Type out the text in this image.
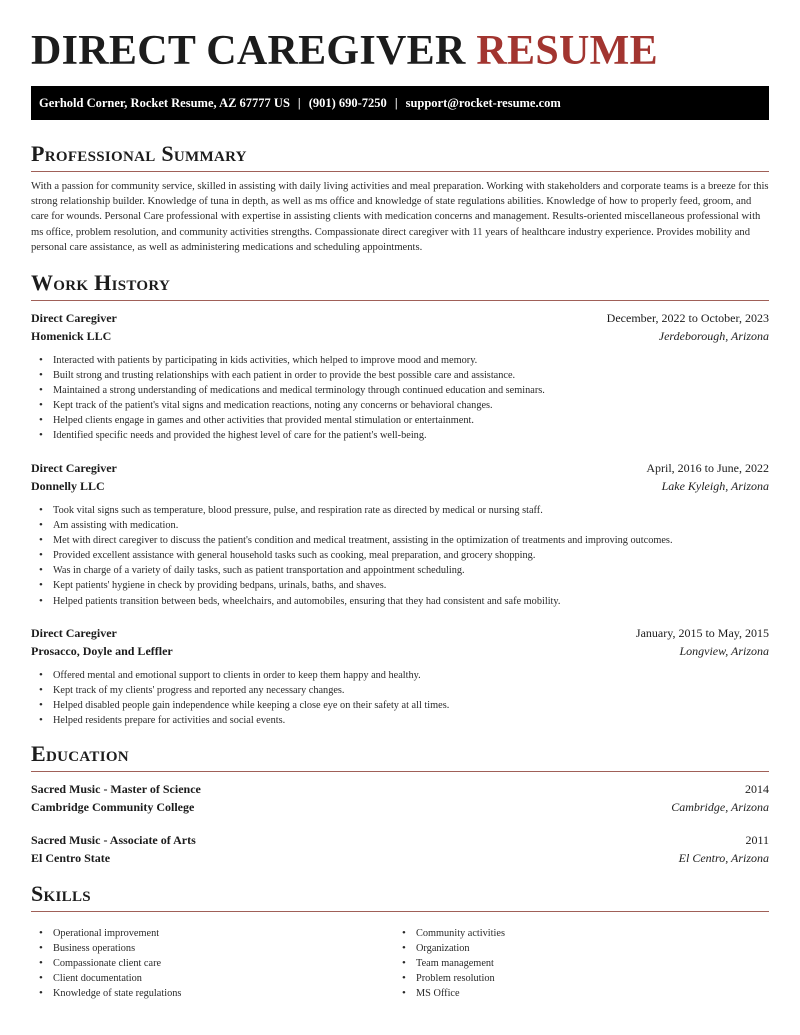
DIRECT CAREGIVER RESUME
Gerhold Corner, Rocket Resume, AZ 67777 US | (901) 690-7250 | support@rocket-resume.com
Professional Summary

With a passion for community service, skilled in assisting with daily living activities and meal preparation. Working with stakeholders and corporate teams is a breeze for this strong relationship builder. Knowledge of tuna in depth, as well as ms office and knowledge of state regulations abilities. Knowledge of how to properly feed, groom, and care for wounds. Personal Care professional with expertise in assisting clients with medication concerns and management. Results-oriented miscellaneous professional with ms office, problem resolution, and community activities strengths. Compassionate direct caregiver with 11 years of healthcare industry experience. Provides mobility and personal care assistance, as well as administering medications and scheduling appointments.

Work History
Direct Caregiver	December, 2022 to October, 2023
Homenick LLC	Jerdeborough, Arizona
• Interacted with patients by participating in kids activities, which helped to improve mood and memory.
• Built strong and trusting relationships with each patient in order to provide the best possible care and assistance.
• Maintained a strong understanding of medications and medical terminology through continued education and seminars.
• Kept track of the patient's vital signs and medication reactions, noting any concerns or behavioral changes.
• Helped clients engage in games and other activities that provided mental stimulation or entertainment.
• Identified specific needs and provided the highest level of care for the patient's well-being.
Direct Caregiver	April, 2016 to June, 2022
Donnelly LLC	Lake Kyleigh, Arizona
• Took vital signs such as temperature, blood pressure, pulse, and respiration rate as directed by medical or nursing staff.
• Am assisting with medication.
• Met with direct caregiver to discuss the patient's condition and medical treatment, assisting in the optimization of treatments and improving outcomes.
• Provided excellent assistance with general household tasks such as cooking, meal preparation, and grocery shopping.
• Was in charge of a variety of daily tasks, such as patient transportation and appointment scheduling.
• Kept patients' hygiene in check by providing bedpans, urinals, baths, and shaves.
• Helped patients transition between beds, wheelchairs, and automobiles, ensuring that they had consistent and safe mobility.
Direct Caregiver	January, 2015 to May, 2015
Prosacco, Doyle and Leffler	Longview, Arizona
• Offered mental and emotional support to clients in order to keep them happy and healthy.
• Kept track of my clients' progress and reported any necessary changes.
• Helped disabled people gain independence while keeping a close eye on their safety at all times.
• Helped residents prepare for activities and social events.
Education
Sacred Music - Master of Science	2014
Cambridge Community College	Cambridge, Arizona
Sacred Music - Associate of Arts	2011
El Centro State	El Centro, Arizona
Skills
• Operational improvement
• Business operations
• Compassionate client care
• Client documentation
• Knowledge of state regulations
• Community activities
• Organization
• Team management
• Problem resolution
• MS Office
